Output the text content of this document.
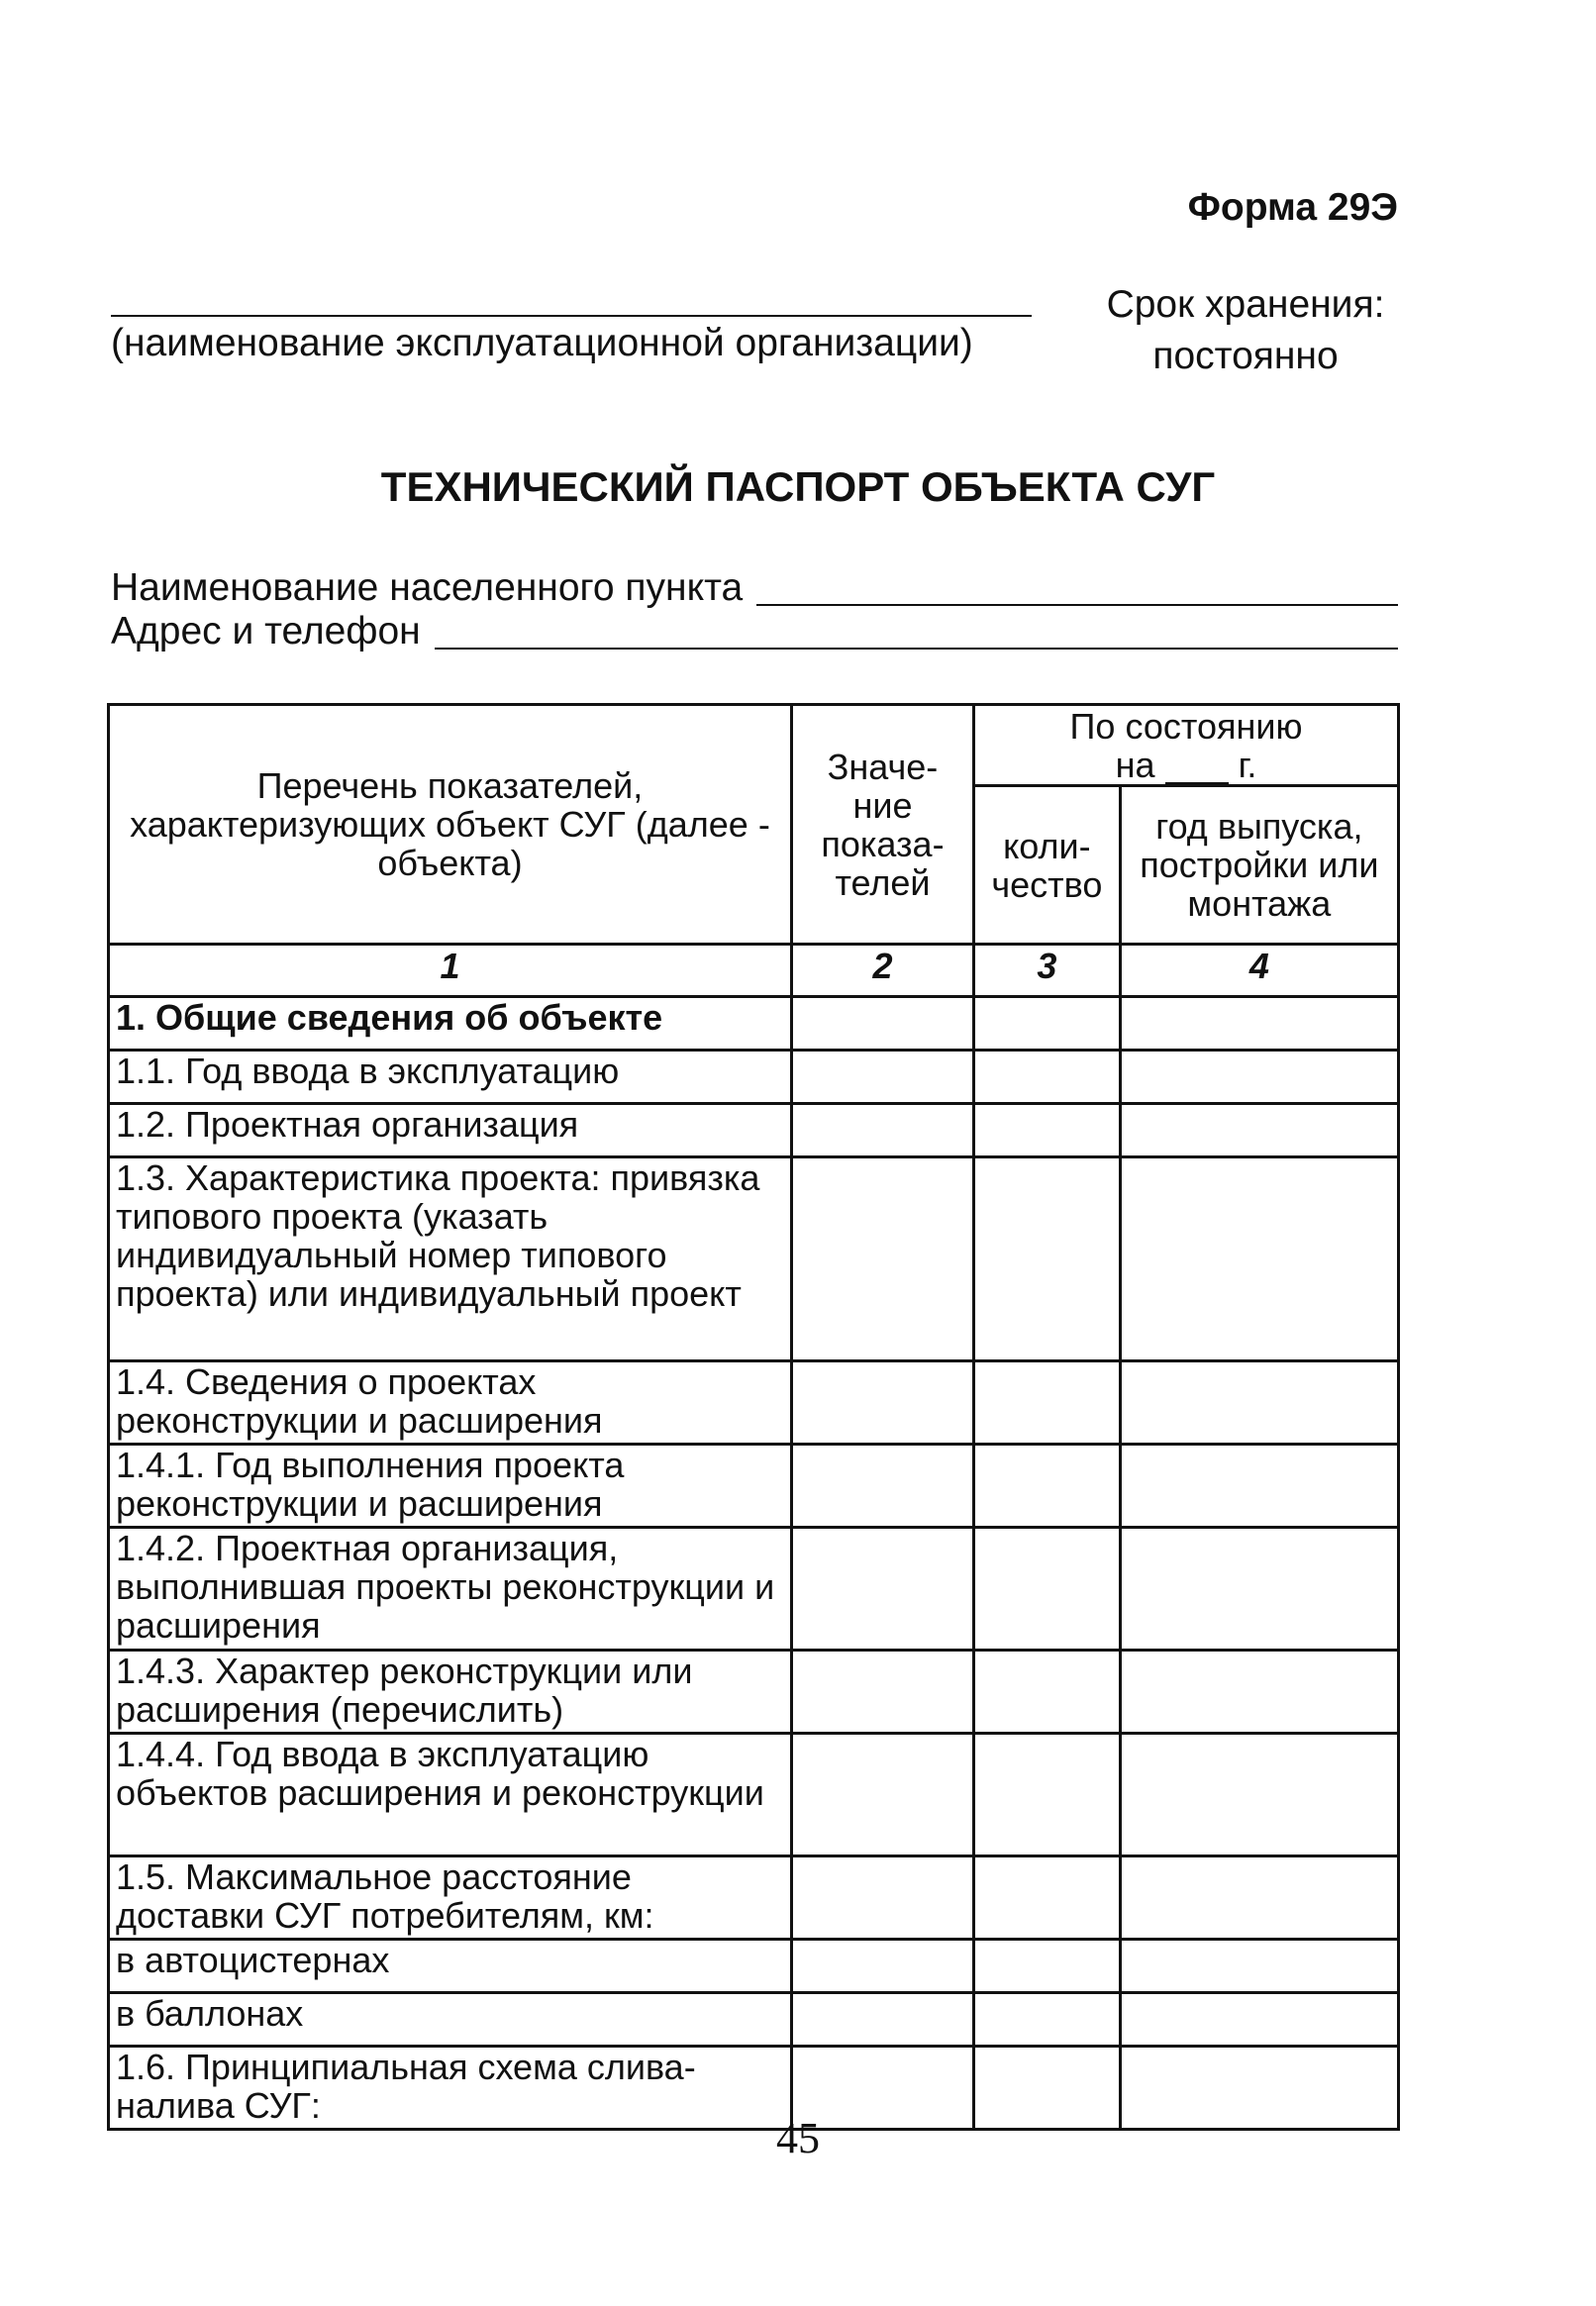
Форма 29Э
(наименование эксплуатационной организации)
Срок хранения:
постоянно
ТЕХНИЧЕСКИЙ ПАСПОРТ ОБЪЕКТА СУГ
Наименование населенного пункта
Адрес и телефон
Перечень показателей, характеризующих объект СУГ (далее - объекта)	Значе-ние показа-телей	По состоянию
на г.	

		коли-чество	год выпуска, постройки или монтажа
1	2	3	4
1. Общие сведения об объекте			
1.1. Год ввода в эксплуатацию			
1.2. Проектная организация			
1.3. Характеристика проекта: привязка типового проекта (указать индивидуальный номер типового проекта) или индивидуальный проект			
1.4. Сведения о проектах реконструкции и расширения			
1.4.1. Год выполнения проекта реконструкции и расширения			
1.4.2. Проектная организация, выполнившая проекты реконструкции и расширения			
1.4.3. Характер реконструкции или расширения (перечислить)			
1.4.4. Год ввода в эксплуатацию объектов расширения и реконструкции			
1.5. Максимальное расстояние доставки СУГ потребителям, км:			
в автоцистернах			
в баллонах			
1.6. Принципиальная схема слива-налива СУГ:			
45
